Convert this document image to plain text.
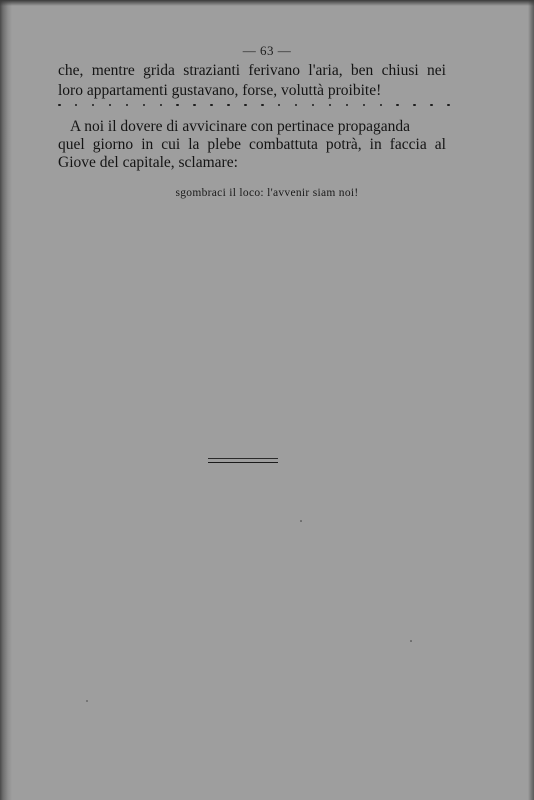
— 63 —
che, mentre grida strazianti ferivano l'aria, ben chiusi nei
loro appartamenti gustavano, forse, voluttà proibite!
A noi il dovere di avvicinare con pertinace propaganda
quel giorno in cui la plebe combattuta potrà, in faccia al
Giove del capitale, sclamare:
sgombraci il loco: l'avvenir siam noi!
